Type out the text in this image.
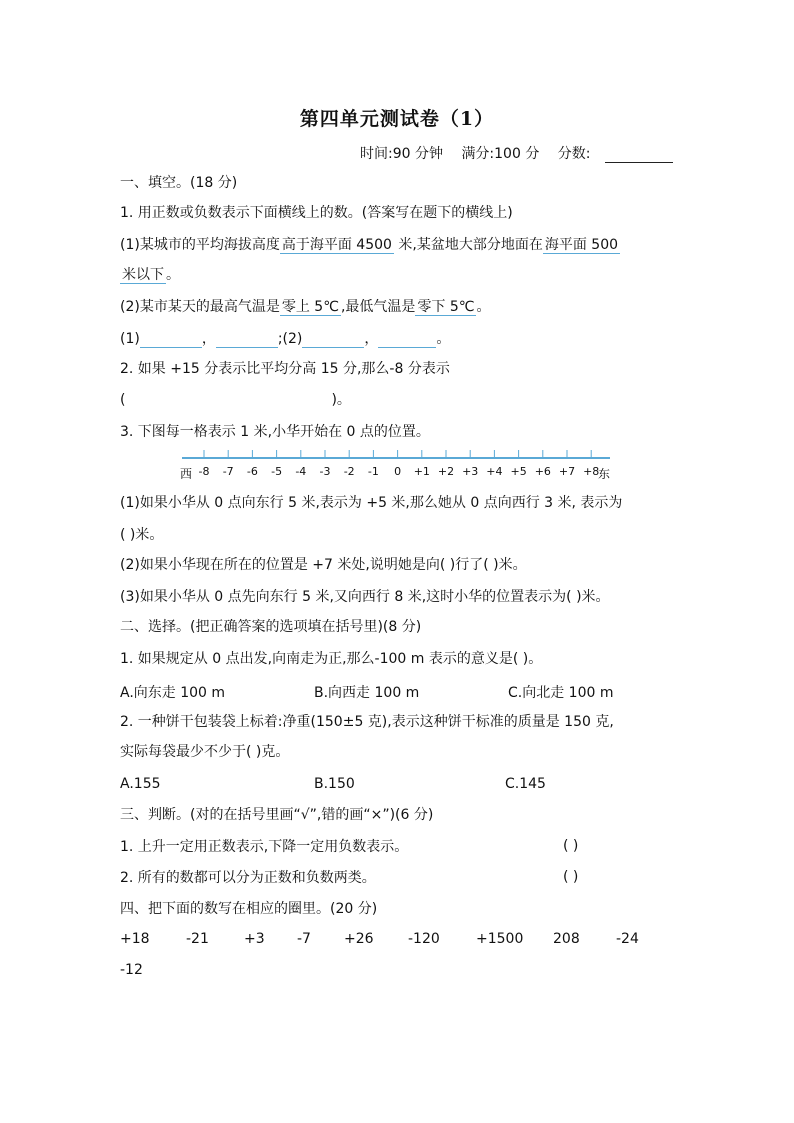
第四单元测试卷（1）
时间:90 分钟 满分:100 分 分数:
一、填空。(18 分)
1. 用正数或负数表示下面横线上的数。(答案写在题下的横线上)
(1)某城市的平均海拔高度 高于海平面 4500 米,某盆地大部分地面在 海平面 500
米以下 。
(2)某市某天的最高气温是 零上 5℃ ,最低气温是 零下 5℃ 。
(1)	，	;(2)	，	。
2. 如果 +15 分表示比平均分高 15 分,那么-8 分表示
(	)。
3. 下图每一格表示 1 米,小华开始在 0 点的位置。
-8 -7 -6 -5 -4 -3 -2 -1 0 +1 +2 +3 +4 +5 +6 +7 +8
西	东
(1)如果小华从 0 点向东行 5 米,表示为 +5 米,那么她从 0 点向西行 3 米, 表示为
( )米。
(2)如果小华现在所在的位置是 +7 米处,说明她是向( )行了( )米。
(3)如果小华从 0 点先向东行 5 米,又向西行 8 米,这时小华的位置表示为( )米。
二、选择。(把正确答案的选项填在括号里)(8 分)
1. 如果规定从 0 点出发,向南走为正,那么-100 m 表示的意义是( )。
A.向东走 100 m	B.向西走 100 m	C.向北走 100 m
2. 一种饼干包装袋上标着:净重(150±5 克),表示这种饼干标准的质量是 150 克,
实际每袋最少不少于( )克。
A.155	B.150	C.145
三、判断。(对的在括号里画“√”,错的画“×”)(6 分)
1. 上升一定用正数表示,下降一定用负数表示。	( )
2. 所有的数都可以分为正数和负数两类。	( )
四、把下面的数写在相应的圈里。(20 分)
+18	-21	+3 -7 +26 -120	+1500 208	-24
-12
